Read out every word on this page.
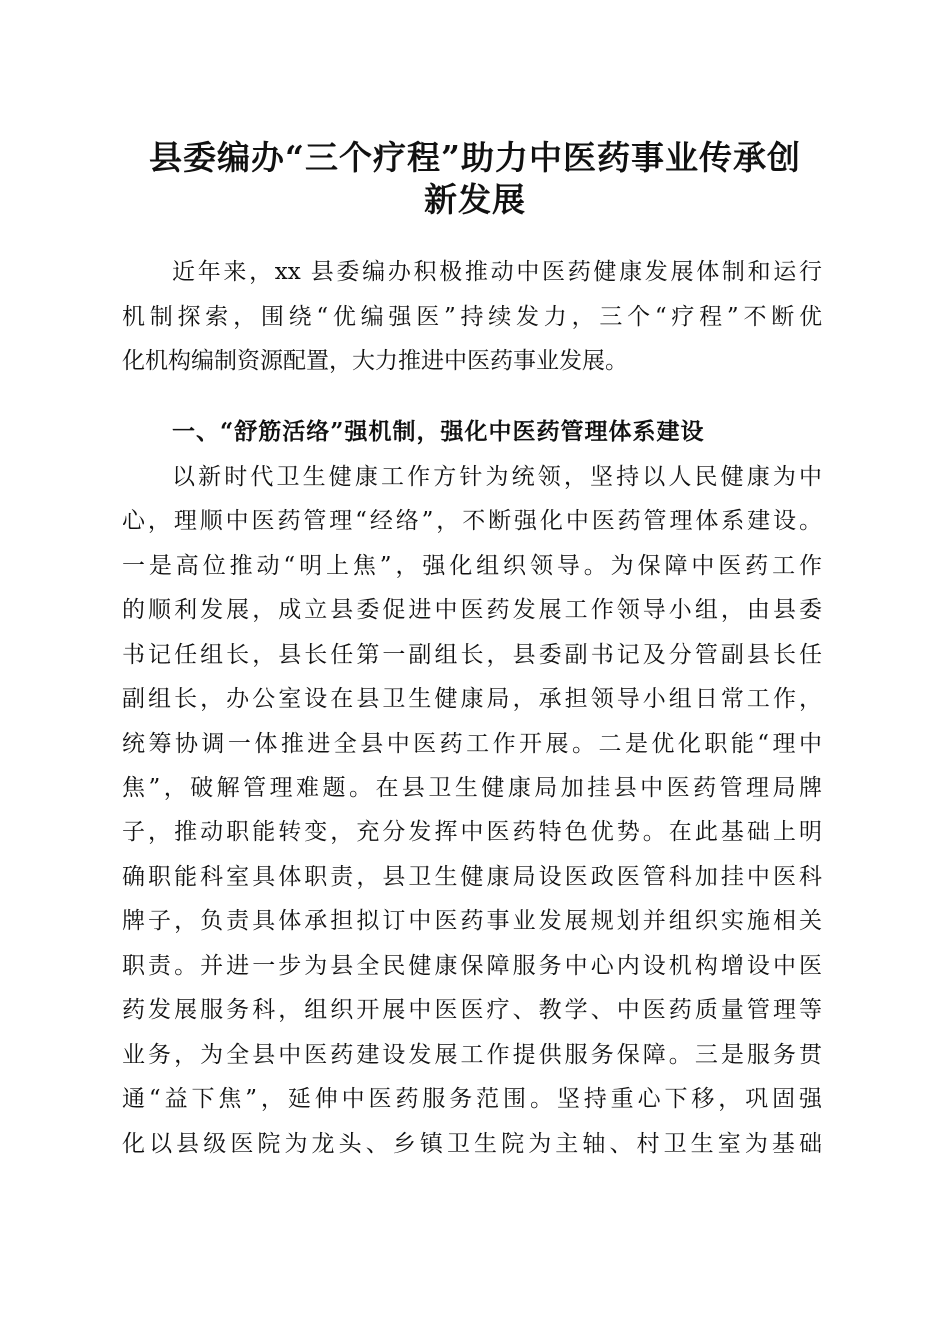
县委编办“三个疗程”助力中医药事业传承创
新发展
近年来，xx 县委编办积极推动中医药健康发展体制和运行
机制探索，围绕“优编强医”持续发力，三个“疗程”不断优
化机构编制资源配置，大力推进中医药事业发展。
一、“舒筋活络”强机制，强化中医药管理体系建设
以新时代卫生健康工作方针为统领，坚持以人民健康为中
心，理顺中医药管理“经络”，不断强化中医药管理体系建设。
一是高位推动“明上焦”，强化组织领导。为保障中医药工作
的顺利发展，成立县委促进中医药发展工作领导小组，由县委
书记任组长，县长任第一副组长，县委副书记及分管副县长任
副组长，办公室设在县卫生健康局，承担领导小组日常工作，
统筹协调一体推进全县中医药工作开展。二是优化职能“理中
焦”，破解管理难题。在县卫生健康局加挂县中医药管理局牌
子，推动职能转变，充分发挥中医药特色优势。在此基础上明
确职能科室具体职责，县卫生健康局设医政医管科加挂中医科
牌子，负责具体承担拟订中医药事业发展规划并组织实施相关
职责。并进一步为县全民健康保障服务中心内设机构增设中医
药发展服务科，组织开展中医医疗、教学、中医药质量管理等
业务，为全县中医药建设发展工作提供服务保障。三是服务贯
通“益下焦”，延伸中医药服务范围。坚持重心下移，巩固强
化以县级医院为龙头、乡镇卫生院为主轴、村卫生室为基础
